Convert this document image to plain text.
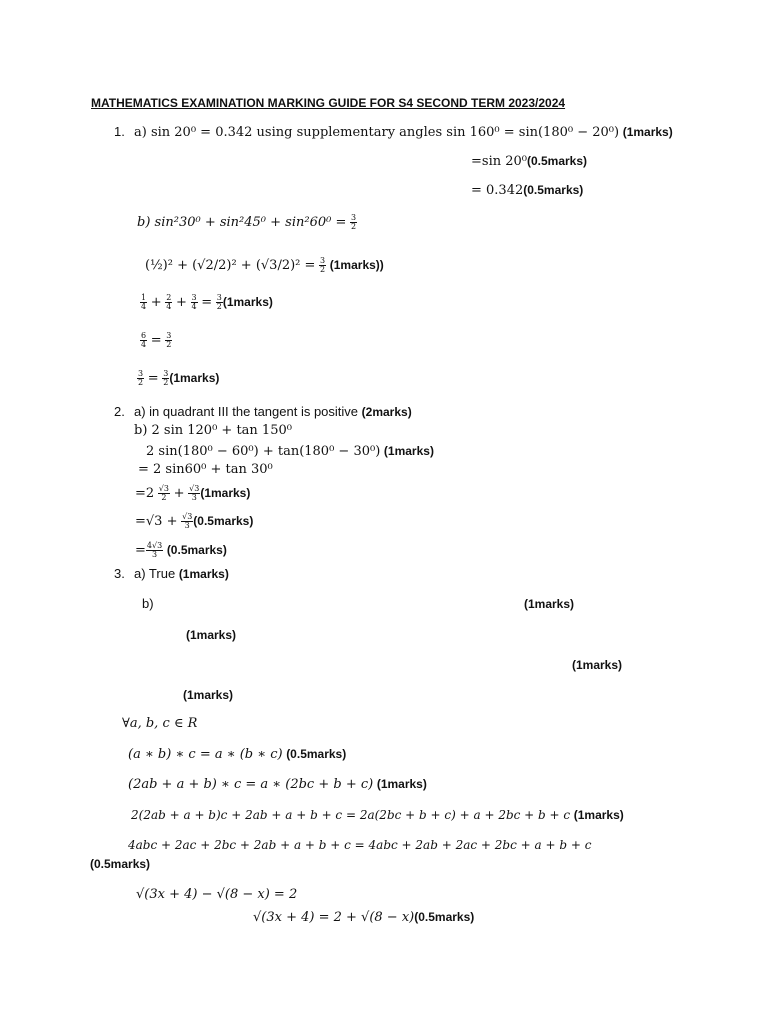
MATHEMATICS EXAMINATION MARKING GUIDE FOR S4 SECOND TERM 2023/2024
1. a) sin 20⁰ = 0.342 using supplementary angles sin 160⁰ = sin(180⁰ − 20⁰) (1marks)
=sin 20⁰(0.5marks)
= 0.342(0.5marks)
b) $\sin^230^0 + \sin^245^0 + \sin^260^0 = \frac{3}{2}$
(½)² + $(√2/2)^2 + (√3/2)^2 = \frac{3}{2}$ (1marks))
$\frac{1}{4} + \frac{2}{4} + \frac{3}{4} = \frac{3}{2}$ (1marks)
$\frac{6}{4} = \frac{3}{2}$
$\frac{3}{2} = \frac{3}{2}$ (1marks)
2. a) in quadrant III the tangent is positive (2marks)
b) 2 sin 120⁰ + tan 150⁰
2 sin(180⁰ − 60⁰) + tan(180⁰ − 30⁰) (1marks)
= 2 sin60⁰ + tan 30⁰
$=2 \frac{√3}{2} + \frac{√3}{3}$ (1marks)
$=√3 + \frac{√3}{3}$ (0.5marks)
= $\frac{4√3}{3}$ (0.5marks)
3. a) True (1marks)
b)	(1marks)
(1marks)
(1marks)
(1marks)
∀a, b, c ∈ R
(a ∗ b) ∗ c = a ∗ (b ∗ c) (0.5marks)
(2ab + a + b) ∗ c = a ∗ (2bc + b + c) (1marks)
2(2ab + a + b)c + 2ab + a + b + c = 2a(2bc + b + c) + a + 2bc + b + c (1marks)
4abc + 2ac + 2bc + 2ab + a + b + c = 4abc + 2ab + 2ac + 2bc + a + b + c
(0.5marks)
√(3x + 4) − √(8 − x) = 2
√(3x + 4) = 2 + √(8 − x)(0.5marks)
